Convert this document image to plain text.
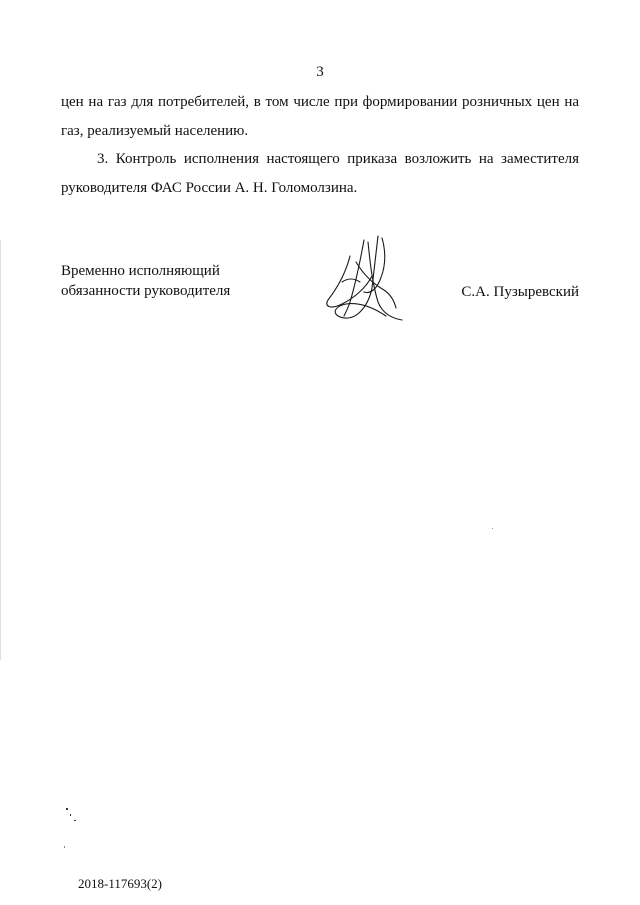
3
цен на газ для потребителей, в том числе при формировании розничных цен на
газ, реализуемый населению.
3. Контроль исполнения настоящего приказа возложить на заместителя
руководителя ФАС России А. Н. Голомолзина.
Временно исполняющий
обязанности руководителя	С.А. Пузыревский
2018-117693(2)
